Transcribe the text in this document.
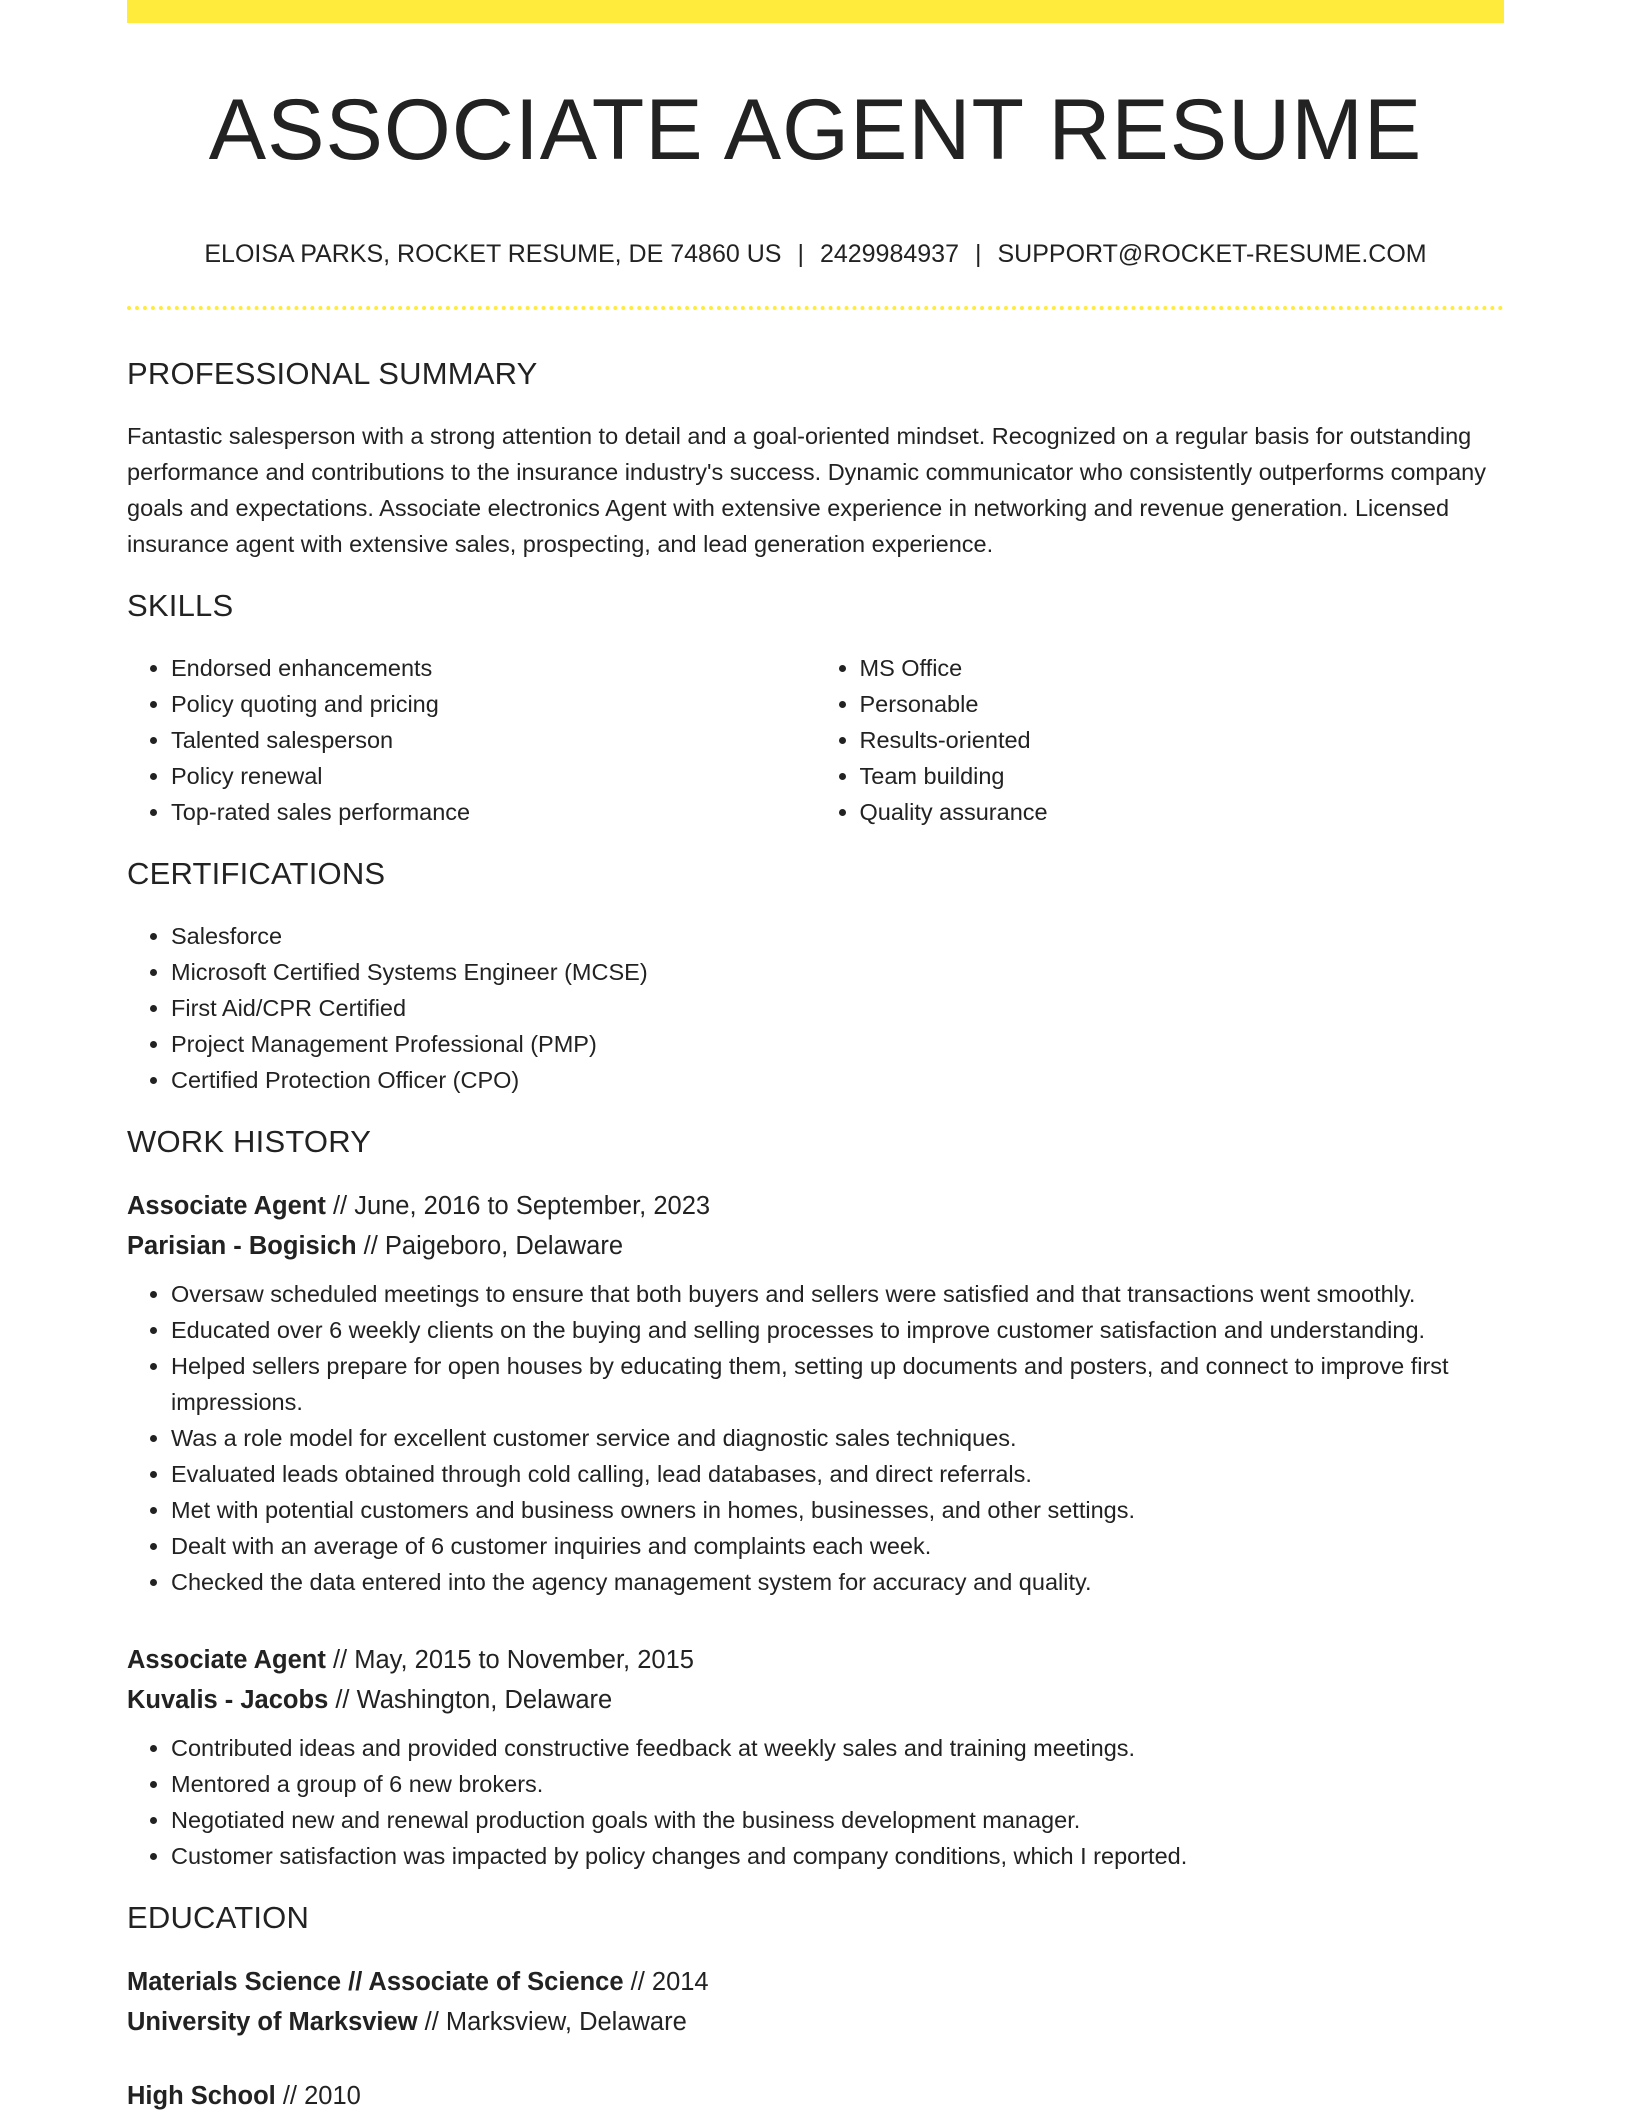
ASSOCIATE AGENT RESUME
ELOISA PARKS, ROCKET RESUME, DE 74860 US | 2429984937 | SUPPORT@ROCKET-RESUME.COM
PROFESSIONAL SUMMARY

Fantastic salesperson with a strong attention to detail and a goal-oriented mindset. Recognized on a regular basis for outstanding performance and contributions to the insurance industry's success. Dynamic communicator who consistently outperforms company goals and expectations. Associate electronics Agent with extensive experience in networking and revenue generation. Licensed insurance agent with extensive sales, prospecting, and lead generation experience.

SKILLS
• Endorsed enhancements
• Policy quoting and pricing
• Talented salesperson
• Policy renewal
• Top-rated sales performance
• MS Office
• Personable
• Results-oriented
• Team building
• Quality assurance
CERTIFICATIONS
• Salesforce
• Microsoft Certified Systems Engineer (MCSE)
• First Aid/CPR Certified
• Project Management Professional (PMP)
• Certified Protection Officer (CPO)
WORK HISTORY
Associate Agent // June, 2016 to September, 2023
Parisian - Bogisich // Paigeboro, Delaware
• Oversaw scheduled meetings to ensure that both buyers and sellers were satisfied and that transactions went smoothly.
• Educated over 6 weekly clients on the buying and selling processes to improve customer satisfaction and understanding.
• Helped sellers prepare for open houses by educating them, setting up documents and posters, and connect to improve first impressions.
• Was a role model for excellent customer service and diagnostic sales techniques.
• Evaluated leads obtained through cold calling, lead databases, and direct referrals.
• Met with potential customers and business owners in homes, businesses, and other settings.
• Dealt with an average of 6 customer inquiries and complaints each week.
• Checked the data entered into the agency management system for accuracy and quality.
Associate Agent // May, 2015 to November, 2015
Kuvalis - Jacobs // Washington, Delaware
• Contributed ideas and provided constructive feedback at weekly sales and training meetings.
• Mentored a group of 6 new brokers.
• Negotiated new and renewal production goals with the business development manager.
• Customer satisfaction was impacted by policy changes and company conditions, which I reported.
EDUCATION
Materials Science // Associate of Science // 2014
University of Marksview // Marksview, Delaware
High School // 2010
